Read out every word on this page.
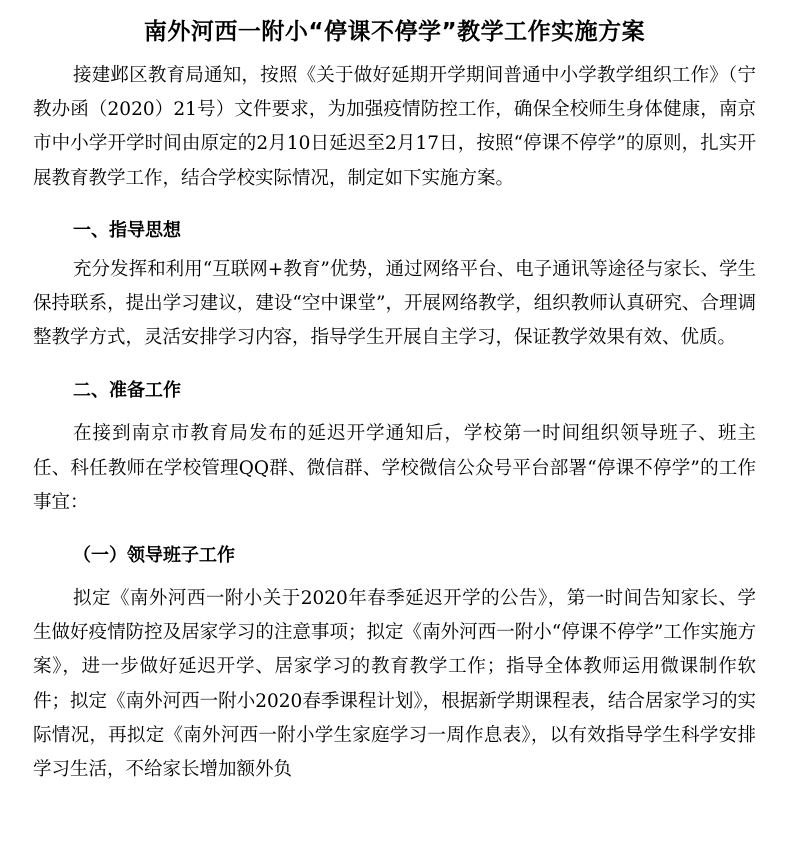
南外河西一附小“停课不停学”教学工作实施方案

接建邺区教育局通知，按照《关于做好延期开学期间普通中小学教学组织工作》（宁教办函（2020）21号）文件要求，为加强疫情防控工作，确保全校师生身体健康，南京市中小学开学时间由原定的2月10日延迟至2月17日，按照“停课不停学”的原则，扎实开展教育教学工作，结合学校实际情况，制定如下实施方案。

一、指导思想

充分发挥和利用“互联网+教育”优势，通过网络平台、电子通讯等途径与家长、学生保持联系，提出学习建议，建设“空中课堂”，开展网络教学，组织教师认真研究、合理调整教学方式，灵活安排学习内容，指导学生开展自主学习，保证教学效果有效、优质。

二、准备工作

在接到南京市教育局发布的延迟开学通知后，学校第一时间组织领导班子、班主任、科任教师在学校管理QQ群、微信群、学校微信公众号平台部署“停课不停学”的工作事宜：

（一）领导班子工作

拟定《南外河西一附小关于2020年春季延迟开学的公告》，第一时间告知家长、学生做好疫情防控及居家学习的注意事项；拟定《南外河西一附小“停课不停学”工作实施方案》，进一步做好延迟开学、居家学习的教育教学工作；指导全体教师运用微课制作软件；拟定《南外河西一附小2020春季课程计划》，根据新学期课程表，结合居家学习的实际情况，再拟定《南外河西一附小学生家庭学习一周作息表》，以有效指导学生科学安排学习生活，不给家长增加额外负
